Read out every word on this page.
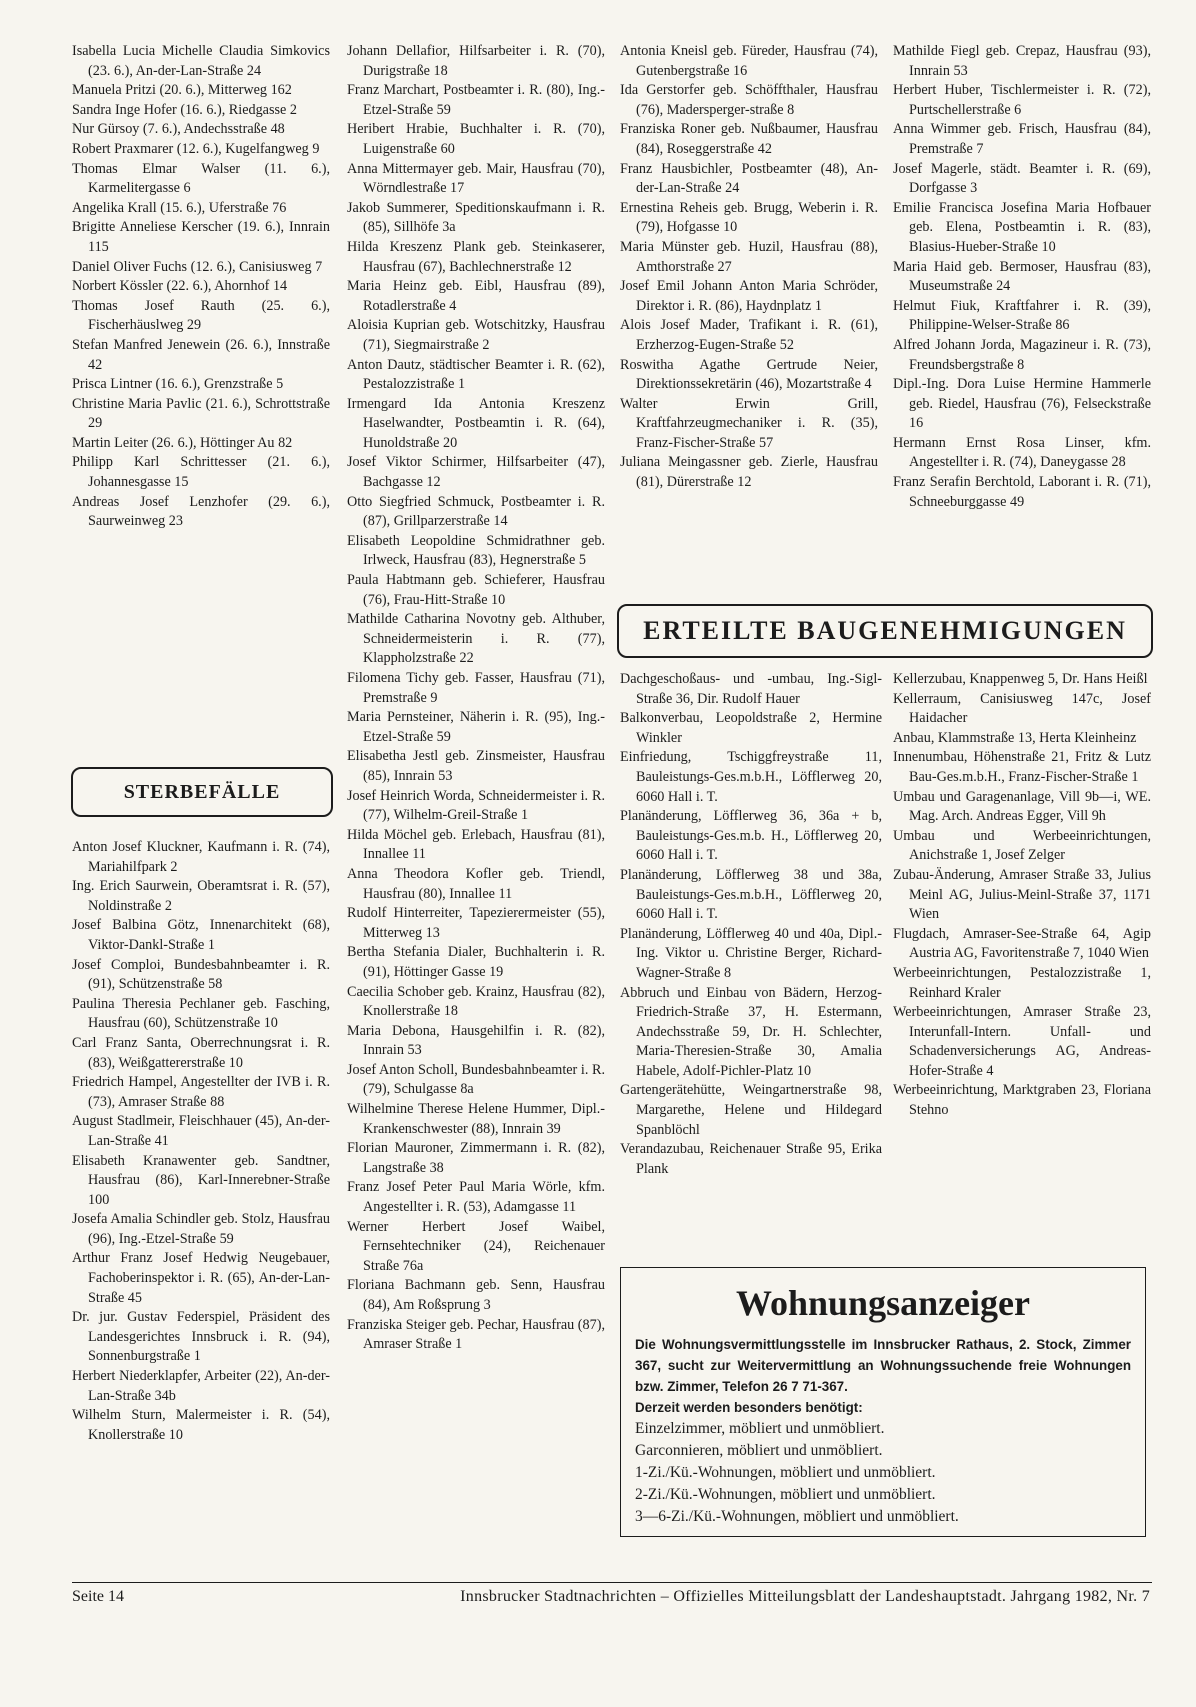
Isabella Lucia Michelle Claudia Simkovics (23. 6.), An-der-Lan-Straße 24
Manuela Pritzi (20. 6.), Mitterweg 162
Sandra Inge Hofer (16. 6.), Riedgasse 2
Nur Gürsoy (7. 6.), Andechsstraße 48
Robert Praxmarer (12. 6.), Kugelfangweg 9
Thomas Elmar Walser (11. 6.), Karmelitergasse 6
Angelika Krall (15. 6.), Uferstraße 76
Brigitte Anneliese Kerscher (19. 6.), Innrain 115
Daniel Oliver Fuchs (12. 6.), Canisiusweg 7
Norbert Kössler (22. 6.), Ahornhof 14
Thomas Josef Rauth (25. 6.), Fischerhäuslweg 29
Stefan Manfred Jenewein (26. 6.), Innstraße 42
Prisca Lintner (16. 6.), Grenzstraße 5
Christine Maria Pavlic (21. 6.), Schrottstraße 29
Martin Leiter (26. 6.), Höttinger Au 82
Philipp Karl Schrittesser (21. 6.), Johannesgasse 15
Andreas Josef Lenzhofer (29. 6.), Saurweinweg 23
STERBEFÄLLE
Anton Josef Kluckner, Kaufmann i. R. (74), Mariahilfpark 2
Ing. Erich Saurwein, Oberamtsrat i. R. (57), Noldinstraße 2
Josef Balbina Götz, Innenarchitekt (68), Viktor-Dankl-Straße 1
Josef Comploi, Bundesbahnbeamter i. R. (91), Schützenstraße 58
Paulina Theresia Pechlaner geb. Fasching, Hausfrau (60), Schützenstraße 10
Carl Franz Santa, Oberrechnungsrat i. R. (83), Weißgattererstraße 10
Friedrich Hampel, Angestellter der IVB i. R. (73), Amraser Straße 88
August Stadlmeir, Fleischhauer (45), An-der-Lan-Straße 41
Elisabeth Kranawenter geb. Sandtner, Hausfrau (86), Karl-Innerebner-Straße 100
Josefa Amalia Schindler geb. Stolz, Hausfrau (96), Ing.-Etzel-Straße 59
Arthur Franz Josef Hedwig Neugebauer, Fachoberinspektor i. R. (65), An-der-Lan-Straße 45
Dr. jur. Gustav Federspiel, Präsident des Landesgerichtes Innsbruck i. R. (94), Sonnenburgstraße 1
Herbert Niederklapfer, Arbeiter (22), An-der-Lan-Straße 34b
Wilhelm Sturn, Malermeister i. R. (54), Knollerstraße 10
Johann Dellafior, Hilfsarbeiter i. R. (70), Durigstraße 18
Franz Marchart, Postbeamter i. R. (80), Ing.-Etzel-Straße 59
Heribert Hrabie, Buchhalter i. R. (70), Luigenstraße 60
Anna Mittermayer geb. Mair, Hausfrau (70), Wörndlestraße 17
Jakob Summerer, Speditionskaufmann i. R. (85), Sillhöfe 3a
Hilda Kreszenz Plank geb. Steinkaserer, Hausfrau (67), Bachlechnerstraße 12
Maria Heinz geb. Eibl, Hausfrau (89), Rotadlerstraße 4
Aloisia Kuprian geb. Wotschitzky, Hausfrau (71), Siegmairstraße 2
Anton Dautz, städtischer Beamter i. R. (62), Pestalozzistraße 1
Irmengard Ida Antonia Kreszenz Haselwandter, Postbeamtin i. R. (64), Hunoldstraße 20
Josef Viktor Schirmer, Hilfsarbeiter (47), Bachgasse 12
Otto Siegfried Schmuck, Postbeamter i. R. (87), Grillparzerstraße 14
Elisabeth Leopoldine Schmidrathner geb. Irlweck, Hausfrau (83), Hegnerstraße 5
Paula Habtmann geb. Schieferer, Hausfrau (76), Frau-Hitt-Straße 10
Mathilde Catharina Novotny geb. Althuber, Schneidermeisterin i. R. (77), Klappholzstraße 22
Filomena Tichy geb. Fasser, Hausfrau (71), Premstraße 9
Maria Pernsteiner, Näherin i. R. (95), Ing.-Etzel-Straße 59
Elisabetha Jestl geb. Zinsmeister, Hausfrau (85), Innrain 53
Josef Heinrich Worda, Schneidermeister i. R. (77), Wilhelm-Greil-Straße 1
Hilda Möchel geb. Erlebach, Hausfrau (81), Innallee 11
Anna Theodora Kofler geb. Triendl, Hausfrau (80), Innallee 11
Rudolf Hinterreiter, Tapezierermeister (55), Mitterweg 13
Bertha Stefania Dialer, Buchhalterin i. R. (91), Höttinger Gasse 19
Caecilia Schober geb. Krainz, Hausfrau (82), Knollerstraße 18
Maria Debona, Hausgehilfin i. R. (82), Innrain 53
Josef Anton Scholl, Bundesbahnbeamter i. R. (79), Schulgasse 8a
Wilhelmine Therese Helene Hummer, Dipl.-Krankenschwester (88), Innrain 39
Florian Mauroner, Zimmermann i. R. (82), Langstraße 38
Franz Josef Peter Paul Maria Wörle, kfm. Angestellter i. R. (53), Adamgasse 11
Werner Herbert Josef Waibel, Fernsehtechniker (24), Reichenauer Straße 76a
Floriana Bachmann geb. Senn, Hausfrau (84), Am Roßsprung 3
Franziska Steiger geb. Pechar, Hausfrau (87), Amraser Straße 1
Antonia Kneisl geb. Füreder, Hausfrau (74), Gutenbergstraße 16
Ida Gerstorfer geb. Schöffthaler, Hausfrau (76), Madersperger-straße 8
Franziska Roner geb. Nußbaumer, Hausfrau (84), Roseggerstraße 42
Franz Hausbichler, Postbeamter (48), An-der-Lan-Straße 24
Ernestina Reheis geb. Brugg, Weberin i. R. (79), Hofgasse 10
Maria Münster geb. Huzil, Hausfrau (88), Amthorstraße 27
Josef Emil Johann Anton Maria Schröder, Direktor i. R. (86), Haydnplatz 1
Alois Josef Mader, Trafikant i. R. (61), Erzherzog-Eugen-Straße 52
Roswitha Agathe Gertrude Neier, Direktionssekretärin (46), Mozartstraße 4
Walter Erwin Grill, Kraftfahrzeugmechaniker i. R. (35), Franz-Fischer-Straße 57
Juliana Meingassner geb. Zierle, Hausfrau (81), Dürerstraße 12
Mathilde Fiegl geb. Crepaz, Hausfrau (93), Innrain 53
Herbert Huber, Tischlermeister i. R. (72), Purtschellerstraße 6
Anna Wimmer geb. Frisch, Hausfrau (84), Premstraße 7
Josef Magerle, städt. Beamter i. R. (69), Dorfgasse 3
Emilie Francisca Josefina Maria Hofbauer geb. Elena, Postbeamtin i. R. (83), Blasius-Hueber-Straße 10
Maria Haid geb. Bermoser, Hausfrau (83), Museumstraße 24
Helmut Fiuk, Kraftfahrer i. R. (39), Philippine-Welser-Straße 86
Alfred Johann Jorda, Magazineur i. R. (73), Freundsbergstraße 8
Dipl.-Ing. Dora Luise Hermine Hammerle geb. Riedel, Hausfrau (76), Felseckstraße 16
Hermann Ernst Rosa Linser, kfm. Angestellter i. R. (74), Daneygasse 28
Franz Serafin Berchtold, Laborant i. R. (71), Schneeburggasse 49
ERTEILTE BAUGENEHMIGUNGEN
Dachgeschoßaus- und -umbau, Ing.-Sigl-Straße 36, Dir. Rudolf Hauer
Balkonverbau, Leopoldstraße 2, Hermine Winkler
Einfriedung, Tschiggfreystraße 11, Bauleistungs-Ges.m.b.H., Löfflerweg 20, 6060 Hall i. T.
Planänderung, Löfflerweg 36, 36a + b, Bauleistungs-Ges.m.b. H., Löfflerweg 20, 6060 Hall i. T.
Planänderung, Löfflerweg 38 und 38a, Bauleistungs-Ges.m.b.H., Löfflerweg 20, 6060 Hall i. T.
Planänderung, Löfflerweg 40 und 40a, Dipl.-Ing. Viktor u. Christine Berger, Richard-Wagner-Straße 8
Abbruch und Einbau von Bädern, Herzog-Friedrich-Straße 37, H. Estermann, Andechsstraße 59, Dr. H. Schlechter, Maria-Theresien-Straße 30, Amalia Habele, Adolf-Pichler-Platz 10
Gartengerätehütte, Weingartnerstraße 98, Margarethe, Helene und Hildegard Spanblöchl
Verandazubau, Reichenauer Straße 95, Erika Plank
Kellerzubau, Knappenweg 5, Dr. Hans Heißl
Kellerraum, Canisiusweg 147c, Josef Haidacher
Anbau, Klammstraße 13, Herta Kleinheinz
Innenumbau, Höhenstraße 21, Fritz & Lutz Bau-Ges.m.b.H., Franz-Fischer-Straße 1
Umbau und Garagenanlage, Vill 9b—i, WE. Mag. Arch. Andreas Egger, Vill 9h
Umbau und Werbeeinrichtungen, Anichstraße 1, Josef Zelger
Zubau-Änderung, Amraser Straße 33, Julius Meinl AG, Julius-Meinl-Straße 37, 1171 Wien
Flugdach, Amraser-See-Straße 64, Agip Austria AG, Favoritenstraße 7, 1040 Wien
Werbeeinrichtungen, Pestalozzistraße 1, Reinhard Kraler
Werbeeinrichtungen, Amraser Straße 23, Interunfall-Intern. Unfall- und Schadenversicherungs AG, Andreas-Hofer-Straße 4
Werbeeinrichtung, Marktgraben 23, Floriana Stehno
Wohnungsanzeiger
Die Wohnungsvermittlungsstelle im Innsbrucker Rathaus, 2. Stock, Zimmer 367, sucht zur Weitervermittlung an Wohnungssuchende freie Wohnungen bzw. Zimmer, Telefon 26 7 71-367.
Derzeit werden besonders benötigt:
Einzelzimmer, möbliert und unmöbliert.
Garconnieren, möbliert und unmöbliert.
1-Zi./Kü.-Wohnungen, möbliert und unmöbliert.
2-Zi./Kü.-Wohnungen, möbliert und unmöbliert.
3—6-Zi./Kü.-Wohnungen, möbliert und unmöbliert.
Seite 14	Innsbrucker Stadtnachrichten – Offizielles Mitteilungsblatt der Landeshauptstadt. Jahrgang 1982, Nr. 7
